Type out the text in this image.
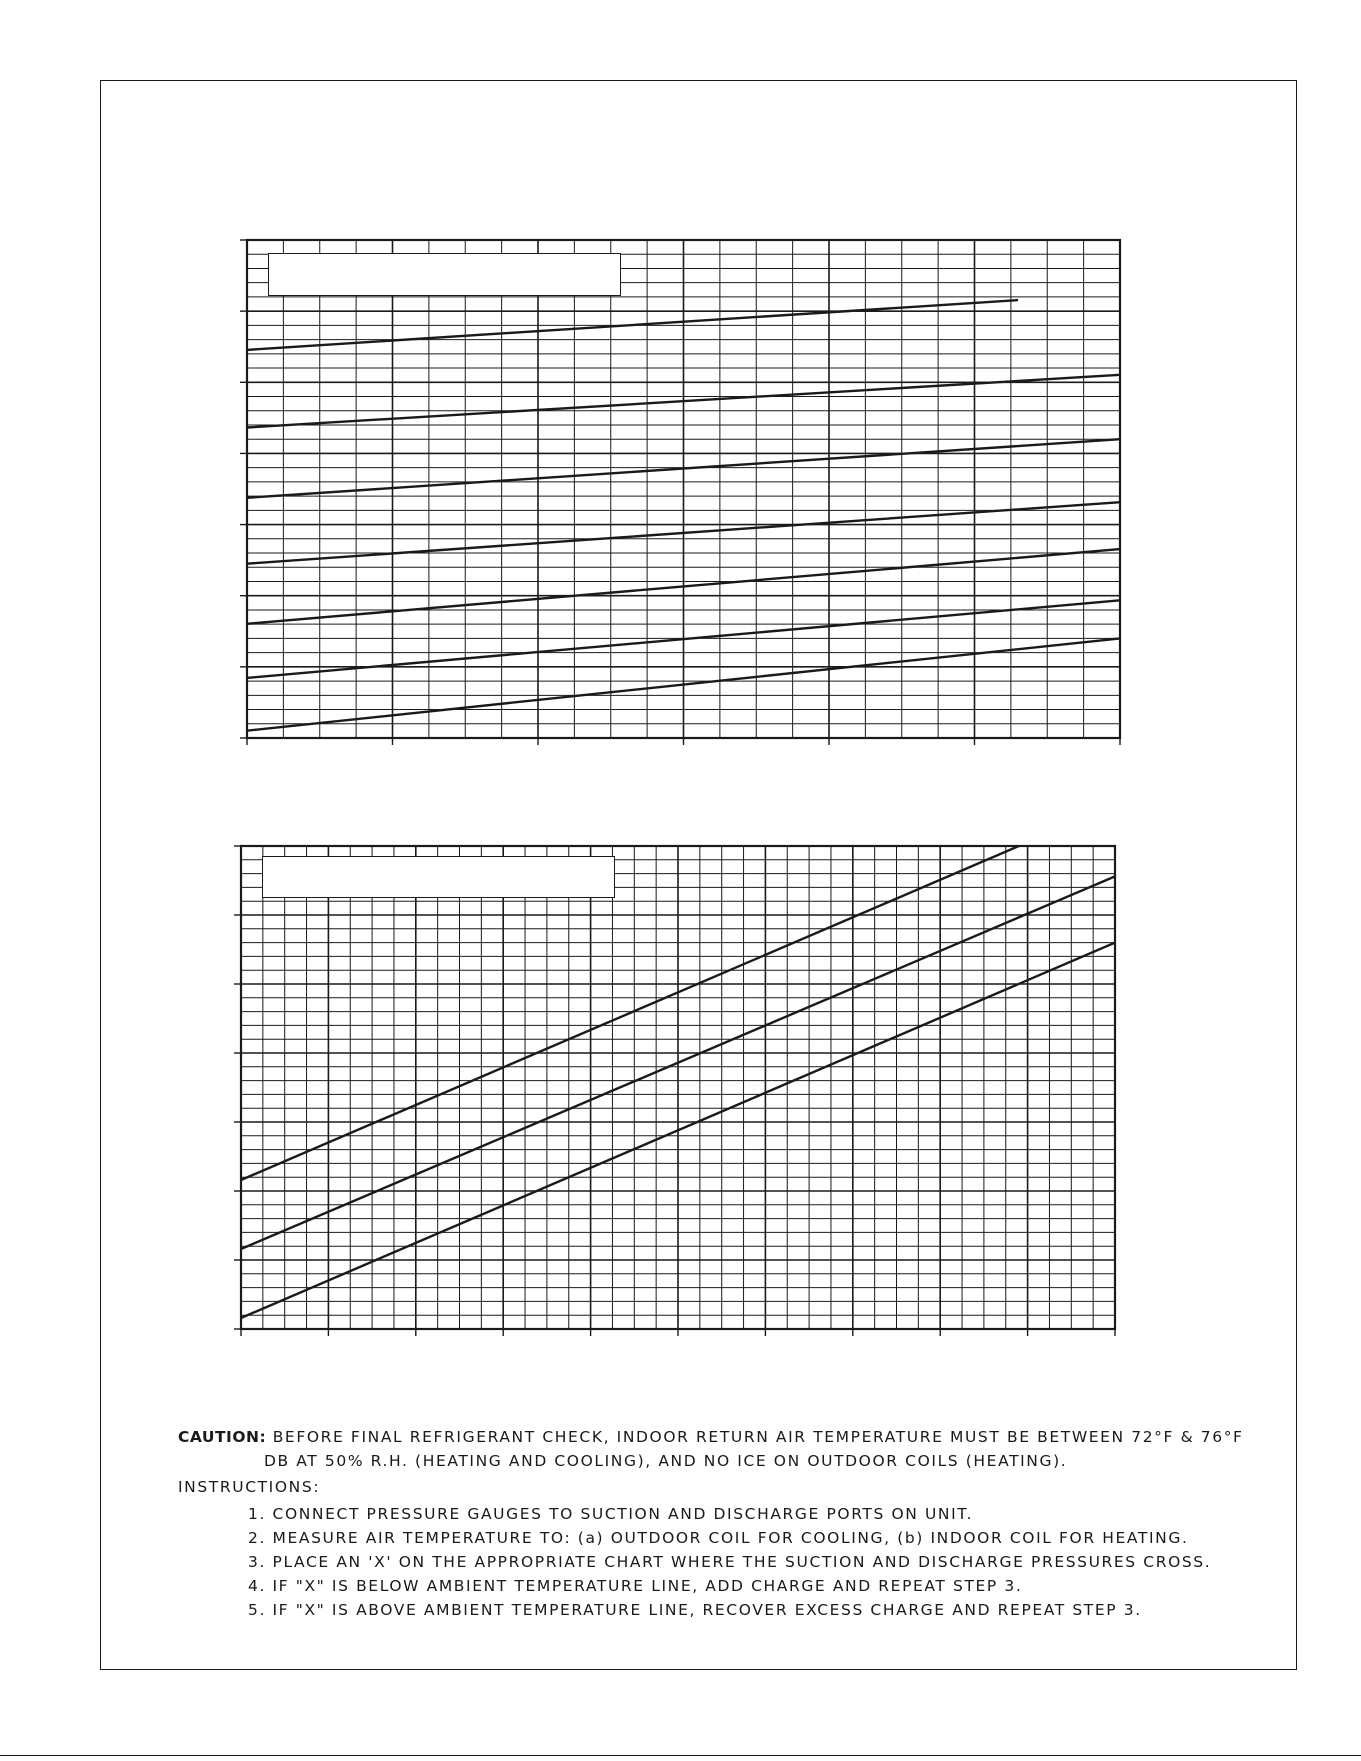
CAUTION: BEFORE FINAL REFRIGERANT CHECK, INDOOR RETURN AIR TEMPERATURE MUST BE BETWEEN 72°F & 76°F
DB AT 50% R.H. (HEATING AND COOLING), AND NO ICE ON OUTDOOR COILS (HEATING).
INSTRUCTIONS:
1. CONNECT PRESSURE GAUGES TO SUCTION AND DISCHARGE PORTS ON UNIT.
2. MEASURE AIR TEMPERATURE TO: (a) OUTDOOR COIL FOR COOLING, (b) INDOOR COIL FOR HEATING.
3. PLACE AN 'X' ON THE APPROPRIATE CHART WHERE THE SUCTION AND DISCHARGE PRESSURES CROSS.
4. IF "X" IS BELOW AMBIENT TEMPERATURE LINE, ADD CHARGE AND REPEAT STEP 3.
5. IF "X" IS ABOVE AMBIENT TEMPERATURE LINE, RECOVER EXCESS CHARGE AND REPEAT STEP 3.
